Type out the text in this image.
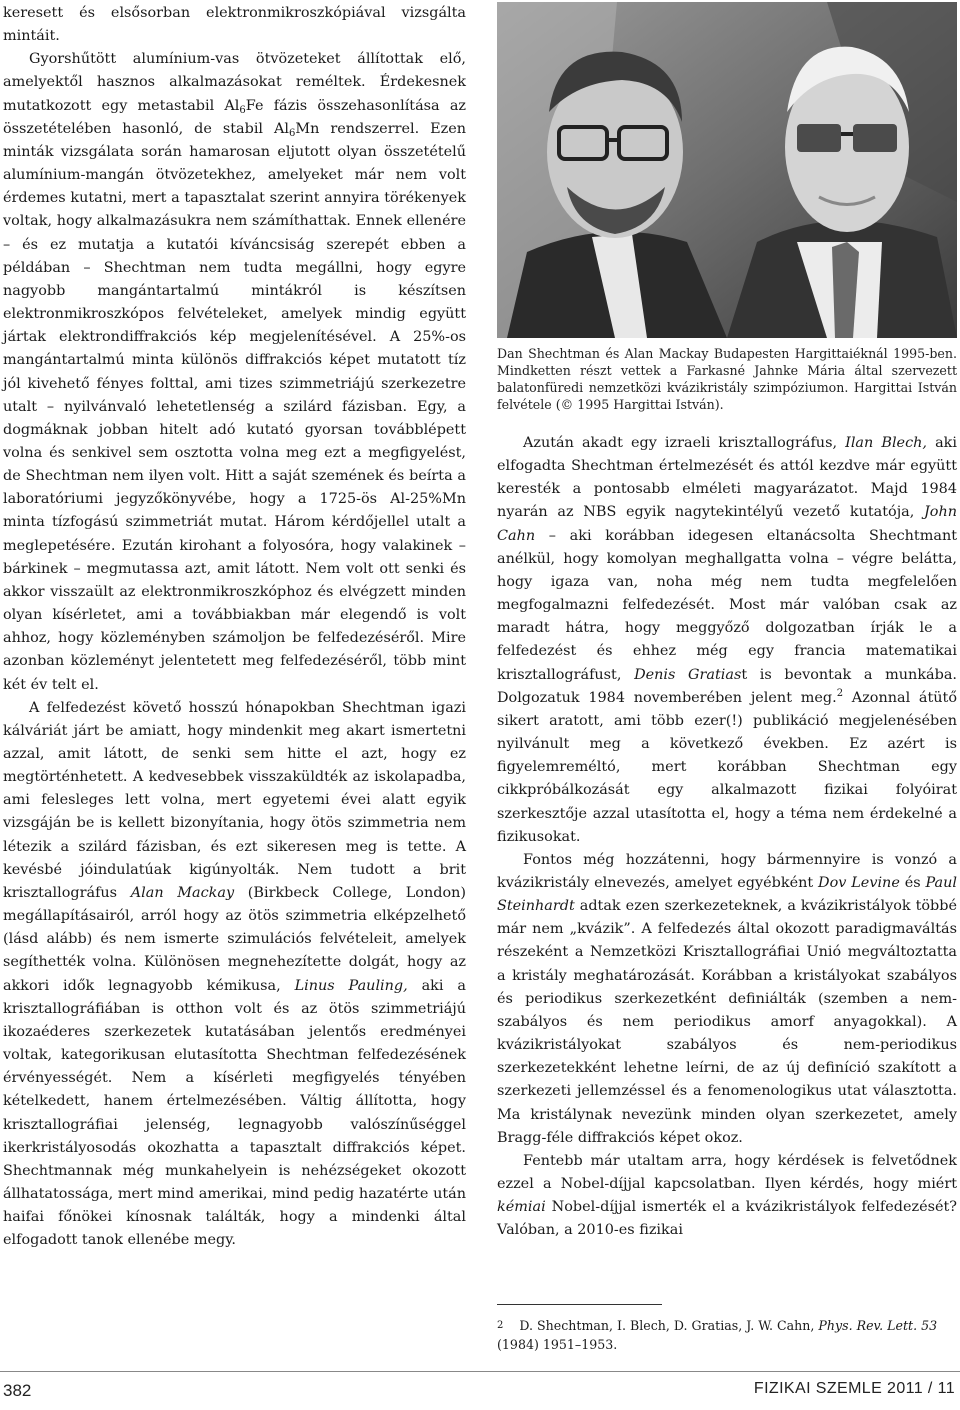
keresett és elsősorban elektronmikroszkópiával vizsgálta mintáit.

Gyorshűtött alumínium-vas ötvözeteket állítottak elő, amelyektől hasznos alkalmazásokat reméltek. Érdekesnek mutatkozott egy metastabil $Al_6Fe$ fázis összehasonlítása az összetételében hasonló, de stabil $Al_6Mn$ rendszerrel. Ezen minták vizsgálata során hamarosan eljutott olyan összetételű alumínium-mangán ötvözetekhez, amelyeket már nem volt érdemes kutatni, mert a tapasztalat szerint annyira törékenyek voltak, hogy alkalmazásukra nem számíthattak. Ennek ellenére – és ez mutatja a kutatói kíváncsiság szerepét ebben a példában – Shechtman nem tudta megállni, hogy egyre nagyobb mangántartalmú mintákról is készítsen elektronmikroszkópos felvételeket, amelyek mindig együtt jártak elektrondiffrakciós kép megjelenítésével. A 25%-os mangántartalmú minta különös diffrakciós képet mutatott tíz jól kivehető fényes folttal, ami tizes szimmetriájú szerkezetre utalt – nyilvánvaló lehetetlenség a szilárd fázisban. Egy, a dogmáknak jobban hitelt adó kutató gyorsan továbblépett volna és senkivel sem osztotta volna meg ezt a megfigyelést, de Shechtman nem ilyen volt. Hitt a saját szemének és beírta a laboratóriumi jegyzőkönyvébe, hogy a 1725-ös Al-25%Mn minta tízfogású szimmetriát mutat. Három kérdőjellel utalt a meglepetésére. Ezután kirohant a folyosóra, hogy valakinek – bárkinek – megmutassa azt, amit látott. Nem volt ott senki és akkor visszaült az elektronmikroszkóphoz és elvégzett minden olyan kísérletet, ami a továbbiakban már elegendő is volt ahhoz, hogy közleményben számoljon be felfedezéséről. Mire azonban közleményt jelentetett meg felfedezéséről, több mint két év telt el.

A felfedezést követő hosszú hónapokban Shechtman igazi kálváriát járt be amiatt, hogy mindenkit meg akart ismertetni azzal, amit látott, de senki sem hitte el azt, hogy ez megtörténhetett. A kedvesebbek visszaküldték az iskolapadba, ami felesleges lett volna, mert egyetemi évei alatt egyik vizsgáján be is kellett bizonyítania, hogy ötös szimmetria nem létezik a szilárd fázisban, és ezt sikeresen meg is tette. A kevésbé jóindulatúak kigúnyolták. Nem tudott a brit krisztallográfus Alan Mackay (Birkbeck College, London) megállapításairól, arról hogy az ötös szimmetria elképzelhető (lásd alább) és nem ismerte szimulációs felvételeit, amelyek segíthették volna. Különösen megnehezítette dolgát, hogy az akkori idők legnagyobb kémikusa, Linus Pauling, aki a krisztallográfiában is otthon volt és az ötös szimmetriájú ikozaéderes szerkezetek kutatásában jelentős eredményei voltak, kategorikusan elutasította Shechtman felfedezésének érvényességét. Nem a kísérleti megfigyelés tényében kételkedett, hanem értelmezésében. Váltig állította, hogy krisztallográfiai jelenség, legnagyobb valószínűséggel ikerkristályosodás okozhatta a tapasztalt diffrakciós képet. Shechtmannak még munkahelyein is nehézségeket okozott állhatatossága, mert mind amerikai, mind pedig hazatérte után haifai főnökei kínosnak találták, hogy a mindenki által elfogadott tanok ellenébe megy.

Dan Shechtman és Alan Mackay Budapesten Hargittaiéknál 1995-ben. Mindketten részt vettek a Farkasné Jahnke Mária által szervezett balatonfüredi nemzetközi kvázikristály szimpóziumon. Hargittai István felvétele (© 1995 Hargittai István).

Azután akadt egy izraeli krisztallográfus, Ilan Blech, aki elfogadta Shechtman értelmezését és attól kezdve már együtt keresték a pontosabb elméleti magyarázatot. Majd 1984 nyarán az NBS egyik nagytekintélyű vezető kutatója, John Cahn – aki korábban idegesen eltanácsolta Shechtmant anélkül, hogy komolyan meghallgatta volna – végre belátta, hogy igaza van, noha még nem tudta megfelelően megfogalmazni felfedezését. Most már valóban csak az maradt hátra, hogy meggyőző dolgozatban írják le a felfedezést és ehhez még egy francia matematikai krisztallográfust, Denis Gratiast is bevontak a munkába. Dolgozatuk 1984 novemberében jelent meg.$^2$ Azonnal átütő sikert aratott, ami több ezer(!) publikáció megjelenésében nyilvánult meg a következő években. Ez azért is figyelemreméltó, mert korábban Shechtman egy cikkpróbálkozását egy alkalmazott fizikai folyóirat szerkesztője azzal utasította el, hogy a téma nem érdekelné a fizikusokat.

Fontos még hozzátenni, hogy bármennyire is vonzó a kvázikristály elnevezés, amelyet egyébként Dov Levine és Paul Steinhardt adtak ezen szerkezeteknek, a kvázikristályok többé már nem „kvázik”. A felfedezés által okozott paradigmaváltás részeként a Nemzetközi Krisztallográfiai Unió megváltoztatta a kristály meghatározását. Korábban a kristályokat szabályos és periodikus szerkezetként definiálták (szemben a nem-szabályos és nem periodikus amorf anyagokkal). A kvázikristályokat szabályos és nem-periodikus szerkezetekként lehetne leírni, de az új definíció szakított a szerkezeti jellemzéssel és a fenomenologikus utat választotta. Ma kristálynak nevezünk minden olyan szerkezetet, amely Bragg-féle diffrakciós képet okoz.

Fentebb már utaltam arra, hogy kérdések is felvetődnek ezzel a Nobel-díjjal kapcsolatban. Ilyen kérdés, hogy miért kémiai Nobel-díjjal ismerték el a kvázikristályok felfedezését? Valóban, a 2010-es fizikai

$^2$ D. Shechtman, I. Blech, D. Gratias, J. W. Cahn, Phys. Rev. Lett. 53 (1984) 1951–1953.
382	FIZIKAI SZEMLE 2011 / 11
